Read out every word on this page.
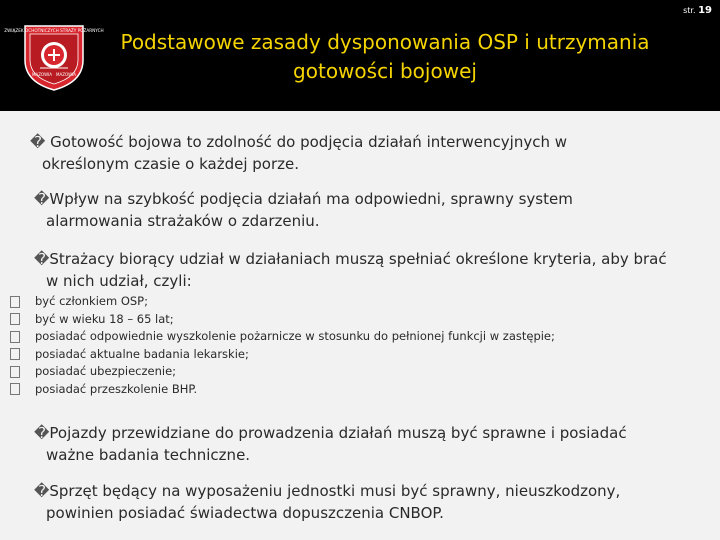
ZWIĄZEK OCHOTNICZYCH STRAŻY POŻARNYCH
MAZOWIA MAZOWIA
Podstawowe zasady dysponowania OSP i utrzymania
gotowości bojowej
str. 19
� Gotowość bojowa to zdolność do podjęcia działań interwencyjnych w
określonym czasie o każdej porze.
�Wpływ na szybkość podjęcia działań ma odpowiedni, sprawny system
alarmowania strażaków o zdarzeniu.
�Strażacy biorący udział w działaniach muszą spełniać określone kryteria, aby brać
w nich udział, czyli:
być członkiem OSP;
być w wieku 18 – 65 lat;
posiadać odpowiednie wyszkolenie pożarnicze w stosunku do pełnionej funkcji w zastępie;
posiadać aktualne badania lekarskie;
posiadać ubezpieczenie;
posiadać przeszkolenie BHP.
�Pojazdy przewidziane do prowadzenia działań muszą być sprawne i posiadać
ważne badania techniczne.
�Sprzęt będący na wyposażeniu jednostki musi być sprawny, nieuszkodzony,
powinien posiadać świadectwa dopuszczenia CNBOP.
